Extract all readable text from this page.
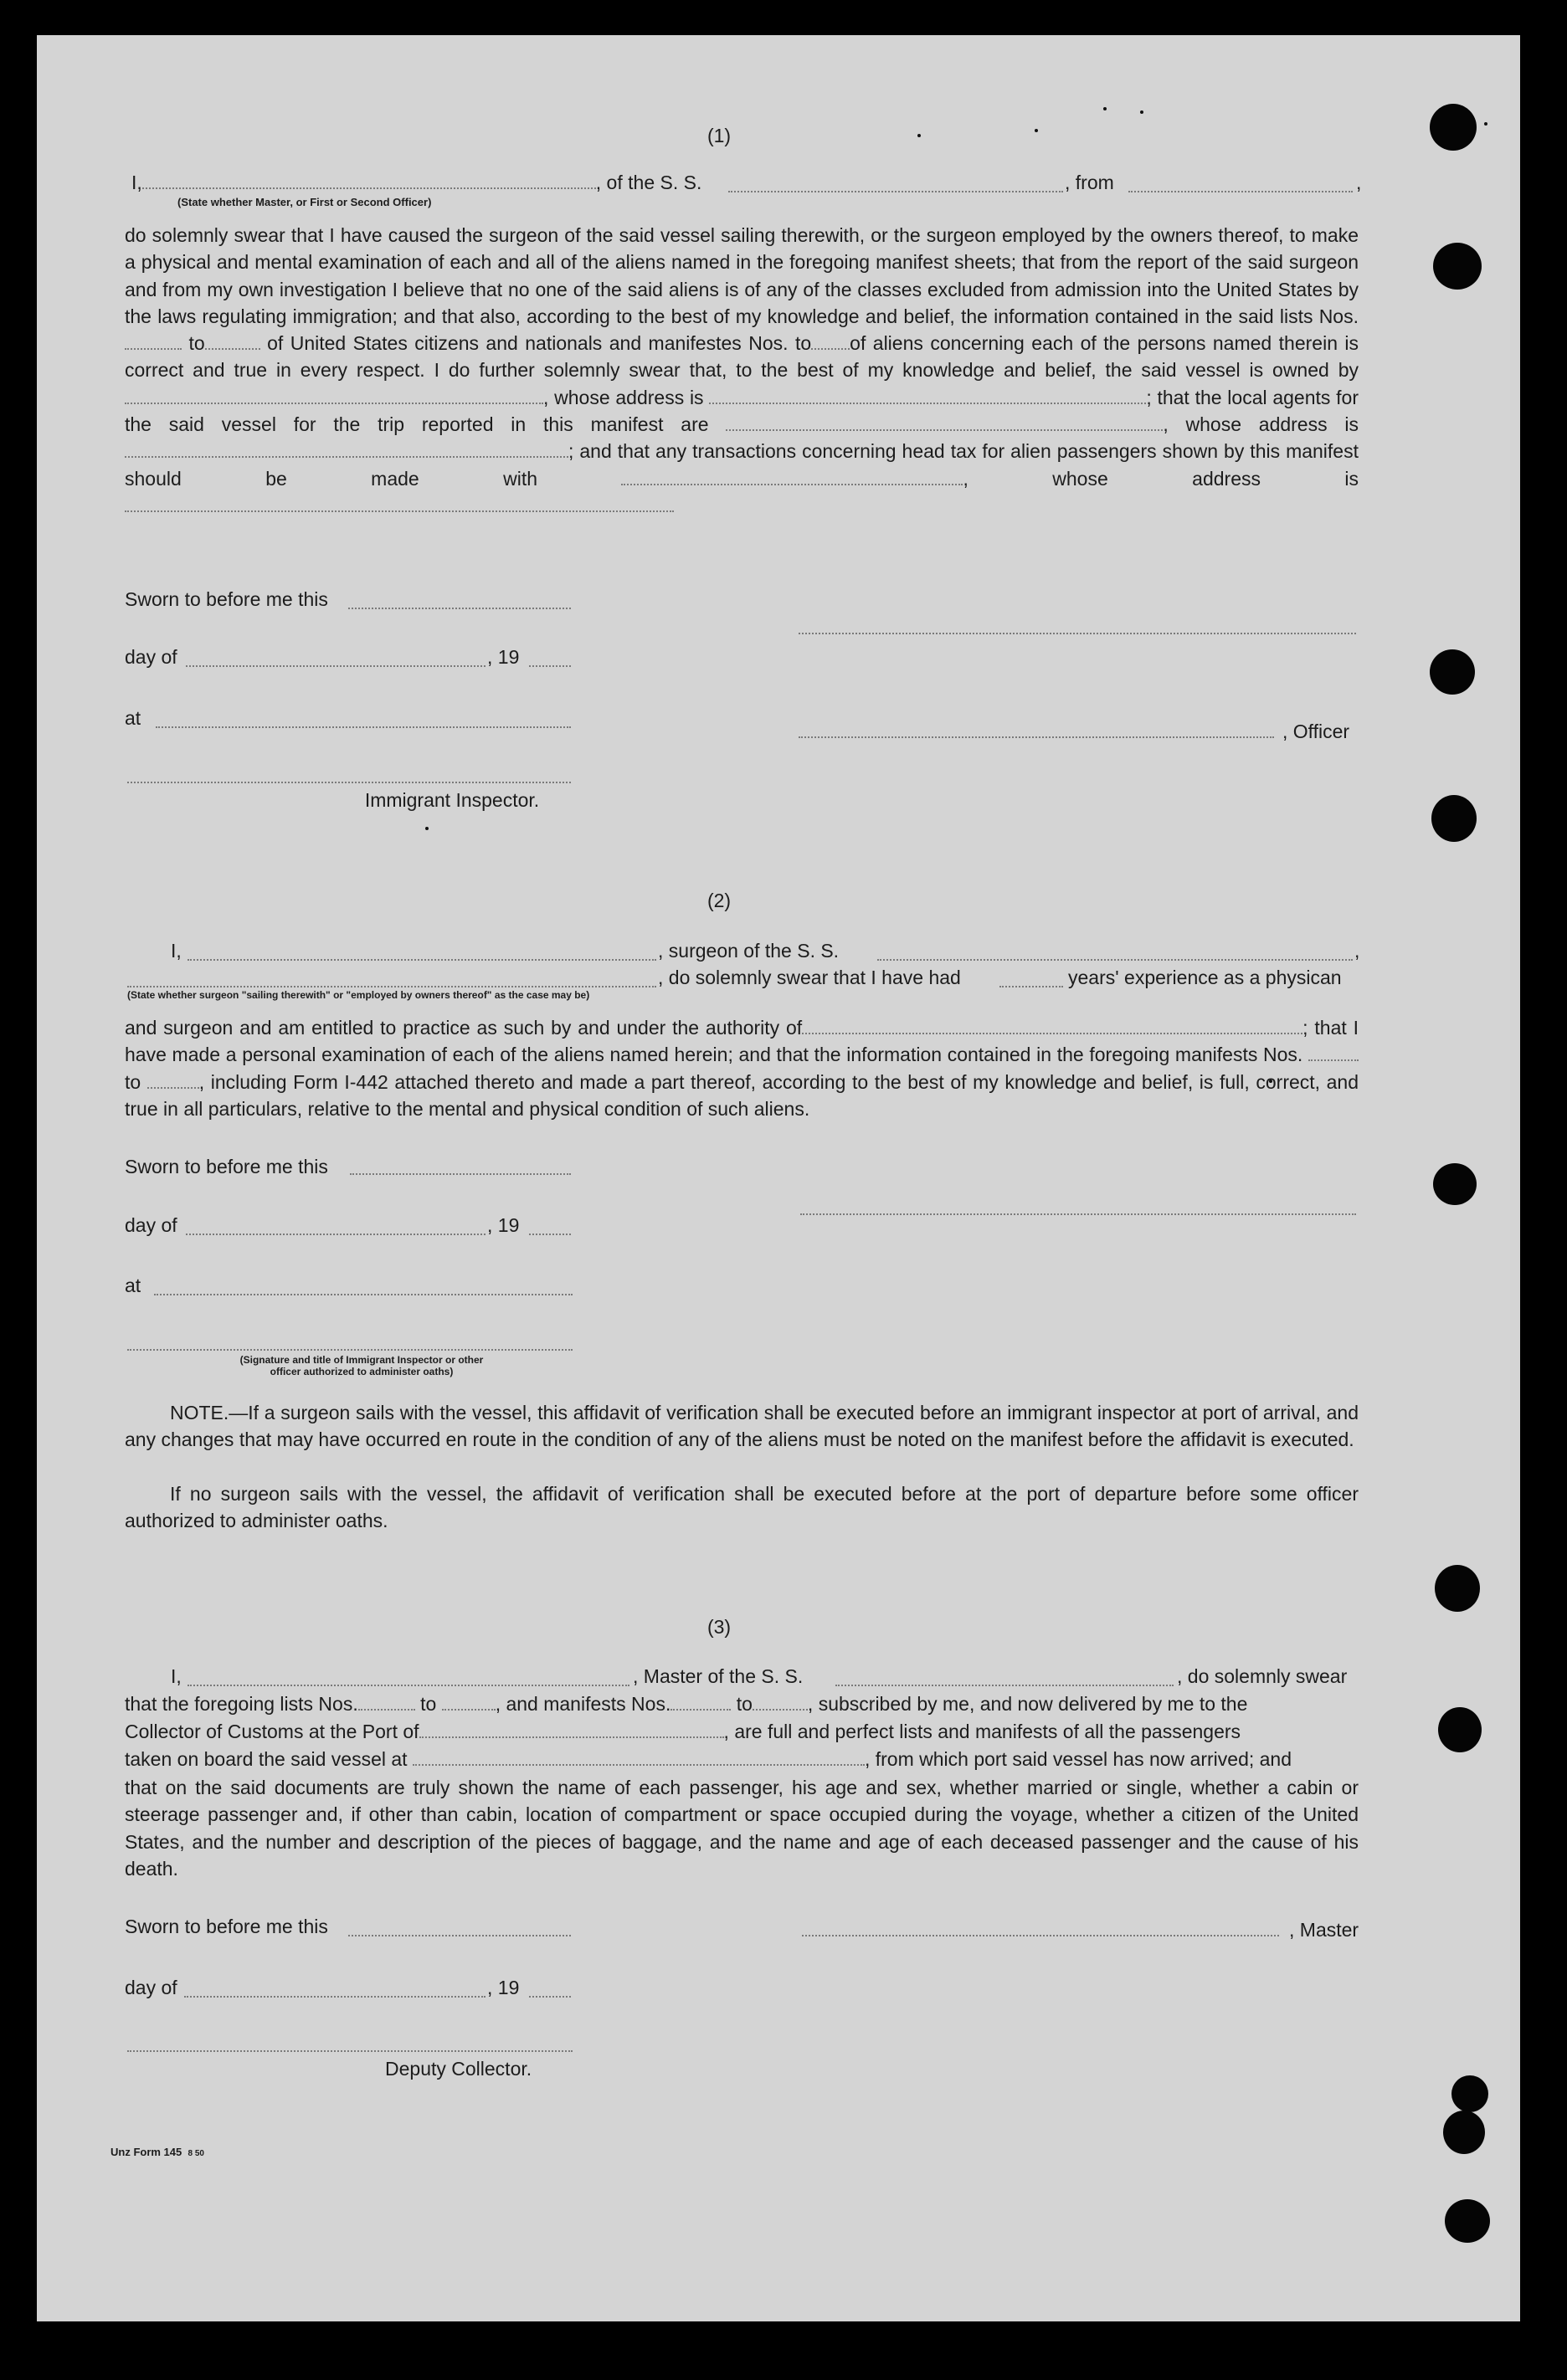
(1)
I,	, of the S. S.	, from	,
(State whether Master, or First or Second Officer)

do solemnly swear that I have caused the surgeon of the said vessel sailing therewith, or the surgeon employed by the owners thereof, to make a physical and mental examination of each and all of the aliens named in the foregoing manifest sheets; that from the report of the said surgeon and from my own investigation I believe that no one of the said aliens is of any of the classes excluded from admission into the United States by the laws regulating immigration; and that also, according to the best of my knowledge and belief, the information contained in the said lists Nos.  to	of United States citizens and nationals and manifestes Nos. to of aliens concerning each of the persons named therein is correct and true in every respect. I do further solemnly swear that, to the best of my knowledge and belief, the said vessel is owned by , whose address is	; that the local agents for the said vessel for the trip reported in this manifest are	, whose address is ; and that any transactions concerning head tax for alien passengers shown by this manifest should be made with	,	whose address is

Sworn to before me this
day of	, 19
at
, Officer
Immigrant Inspector.
(2)
I,	, surgeon of the S. S.	,
, do solemnly swear that I have had	years' experience as a physican
(State whether surgeon "sailing therewith" or "employed by owners thereof" as the case may be)

and surgeon and am entitled to practice as such by and under the authority of	; that I have made a personal examination of each of the aliens named herein; and that the information contained in the foregoing manifests Nos.  to	, including Form I-442 attached thereto and made a part thereof, according to the best of my knowledge and belief, is full, correct, and true in all particulars, relative to the mental and physical condition of such aliens.

Sworn to before me this
day of	, 19
at
(Signature and title of Immigrant Inspector or other
officer authorized to administer oaths)

NOTE.—If a surgeon sails with the vessel, this affidavit of verification shall be executed before an immigrant inspector at port of arrival, and any changes that may have occurred en route in the condition of any of the aliens must be noted on the manifest before the affidavit is executed.

If no surgeon sails with the vessel, the affidavit of verification shall be executed before at the port of departure before some officer authorized to administer oaths.

(3)
I,	, Master of the S. S.	, do solemnly swear
that the foregoing lists Nos.	to	, and manifests Nos.	to	, subscribed by me, and now delivered by me to the
Collector of Customs at the Port of	, are full and perfect lists and manifests of all the passengers
taken on board the said vessel at	, from which port said vessel has now arrived; and

that on the said documents are truly shown the name of each passenger, his age and sex, whether married or single, whether a cabin or steerage passenger and, if other than cabin, location of compartment or space occupied during the voyage, whether a citizen of the United States, and the number and description of the pieces of baggage, and the name and age of each deceased passenger and the cause of his death.

Sworn to before me this	, Master
day of	, 19
Deputy Collector.
Unz Form 145 8 50
